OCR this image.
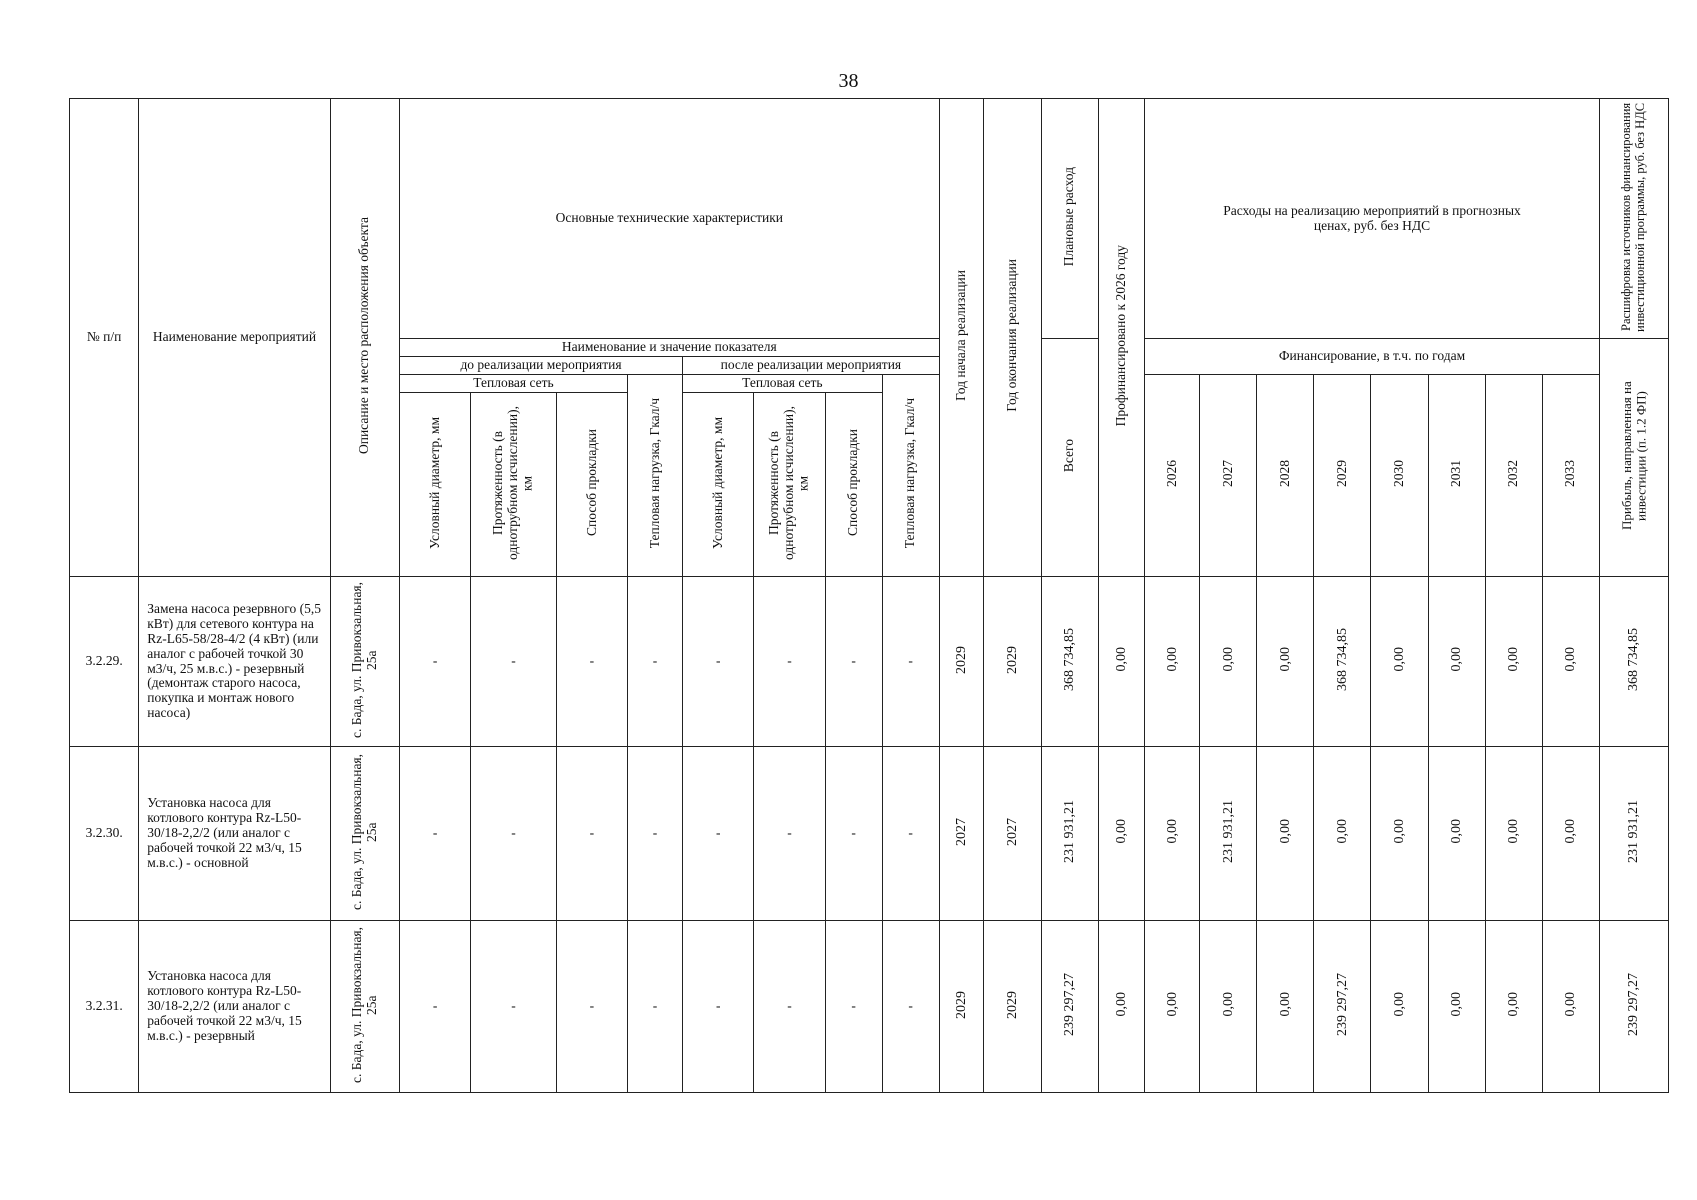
38
№ п/п	Наименование мероприятий	Описание и место расположения объекта	Основные технические характеристики								Год начала реализации	Год окончания реализации	Плановые расход	Профинансировано к 2026 году	Расходы на реализацию мероприятий в прогнозных ценах, руб. без НДС								Расшифровка источников финансирования инвестиционной программы, руб. без НДС
			Наименование и значение показателя										Всего		Финансирование, в т.ч. по годам								Прибыль, направленная на инвестиции (п. 1.2 ФП)
			до реализации мероприятия				после реализации мероприятия																
			Тепловая сеть			Тепловая нагрузка, Гкал/ч	Тепловая сеть			Тепловая нагрузка, Гкал/ч					2026	2027	2028	2029	2030	2031	2032	2033	
			Условный диаметр, мм	Протяженность (в однотрубном исчислении), км	Способ прокладки		Условный диаметр, мм	Протяженность (в однотрубном исчислении), км	Способ прокладки														
3.2.29.	Замена насоса резервного (5,5 кВт) для сетевого контура на Rz-L65-58/28-4/2 (4 кВт) (или аналог с рабочей точкой 30 м3/ч, 25 м.в.с.) - резервный (демонтаж старого насоса, покупка и монтаж нового насоса)	с. Бада, ул. Привокзальная, 25а	-	-	-	-	-	-	-	-	2029	2029	368 734,85	0,00	0,00	0,00	0,00	368 734,85	0,00	0,00	0,00	0,00	368 734,85
3.2.30.	Установка насоса для котлового контура Rz-L50-30/18-2,2/2 (или аналог с рабочей точкой 22 м3/ч, 15 м.в.с.) - основной	с. Бада, ул. Привокзальная, 25а	-	-	-	-	-	-	-	-	2027	2027	231 931,21	0,00	0,00	231 931,21	0,00	0,00	0,00	0,00	0,00	0,00	231 931,21
3.2.31.	Установка насоса для котлового контура Rz-L50-30/18-2,2/2 (или аналог с рабочей точкой 22 м3/ч, 15 м.в.с.) - резервный	с. Бада, ул. Привокзальная, 25а	-	-	-	-	-	-	-	-	2029	2029	239 297,27	0,00	0,00	0,00	0,00	239 297,27	0,00	0,00	0,00	0,00	239 297,27
